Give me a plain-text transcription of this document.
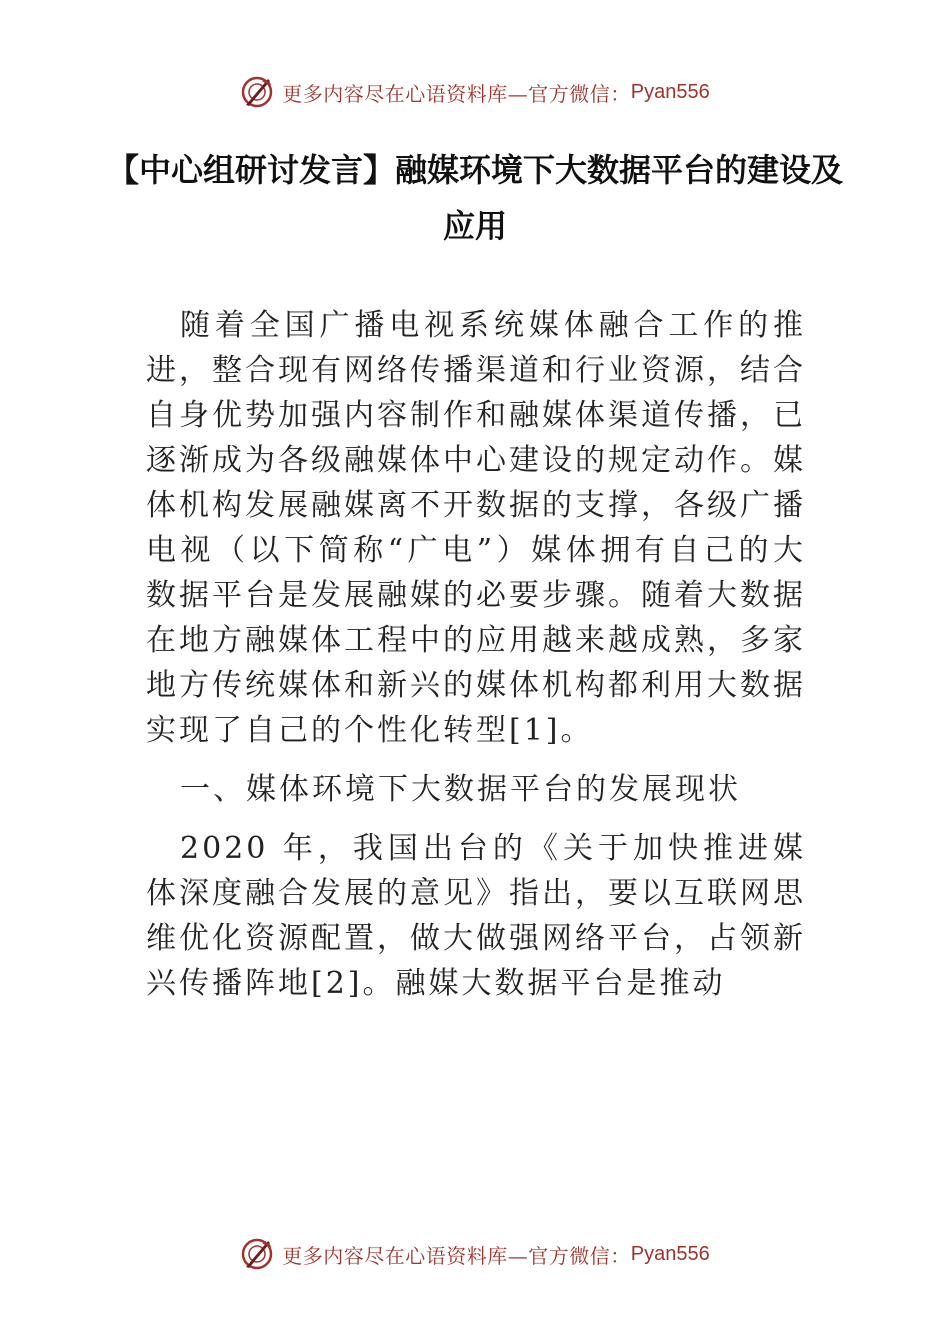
更多内容尽在心语资料库—官方微信： Pyan556
【中心组研讨发言】融媒环境下大数据平台的建设及应用

随着全国广播电视系统媒体融合工作的推进，整合现有网络传播渠道和行业资源，结合自身优势加强内容制作和融媒体渠道传播，已逐渐成为各级融媒体中心建设的规定动作。媒体机构发展融媒离不开数据的支撑，各级广播电视（以下简称“广电”）媒体拥有自己的大数据平台是发展融媒的必要步骤。随着大数据在地方融媒体工程中的应用越来越成熟，多家地方传统媒体和新兴的媒体机构都利用大数据实现了自己的个性化转型[1]。

一、媒体环境下大数据平台的发展现状

2020 年，我国出台的《关于加快推进媒体深度融合发展的意见》指出，要以互联网思维优化资源配置，做大做强网络平台，占领新兴传播阵地[2]。融媒大数据平台是推动

更多内容尽在心语资料库—官方微信： Pyan556
